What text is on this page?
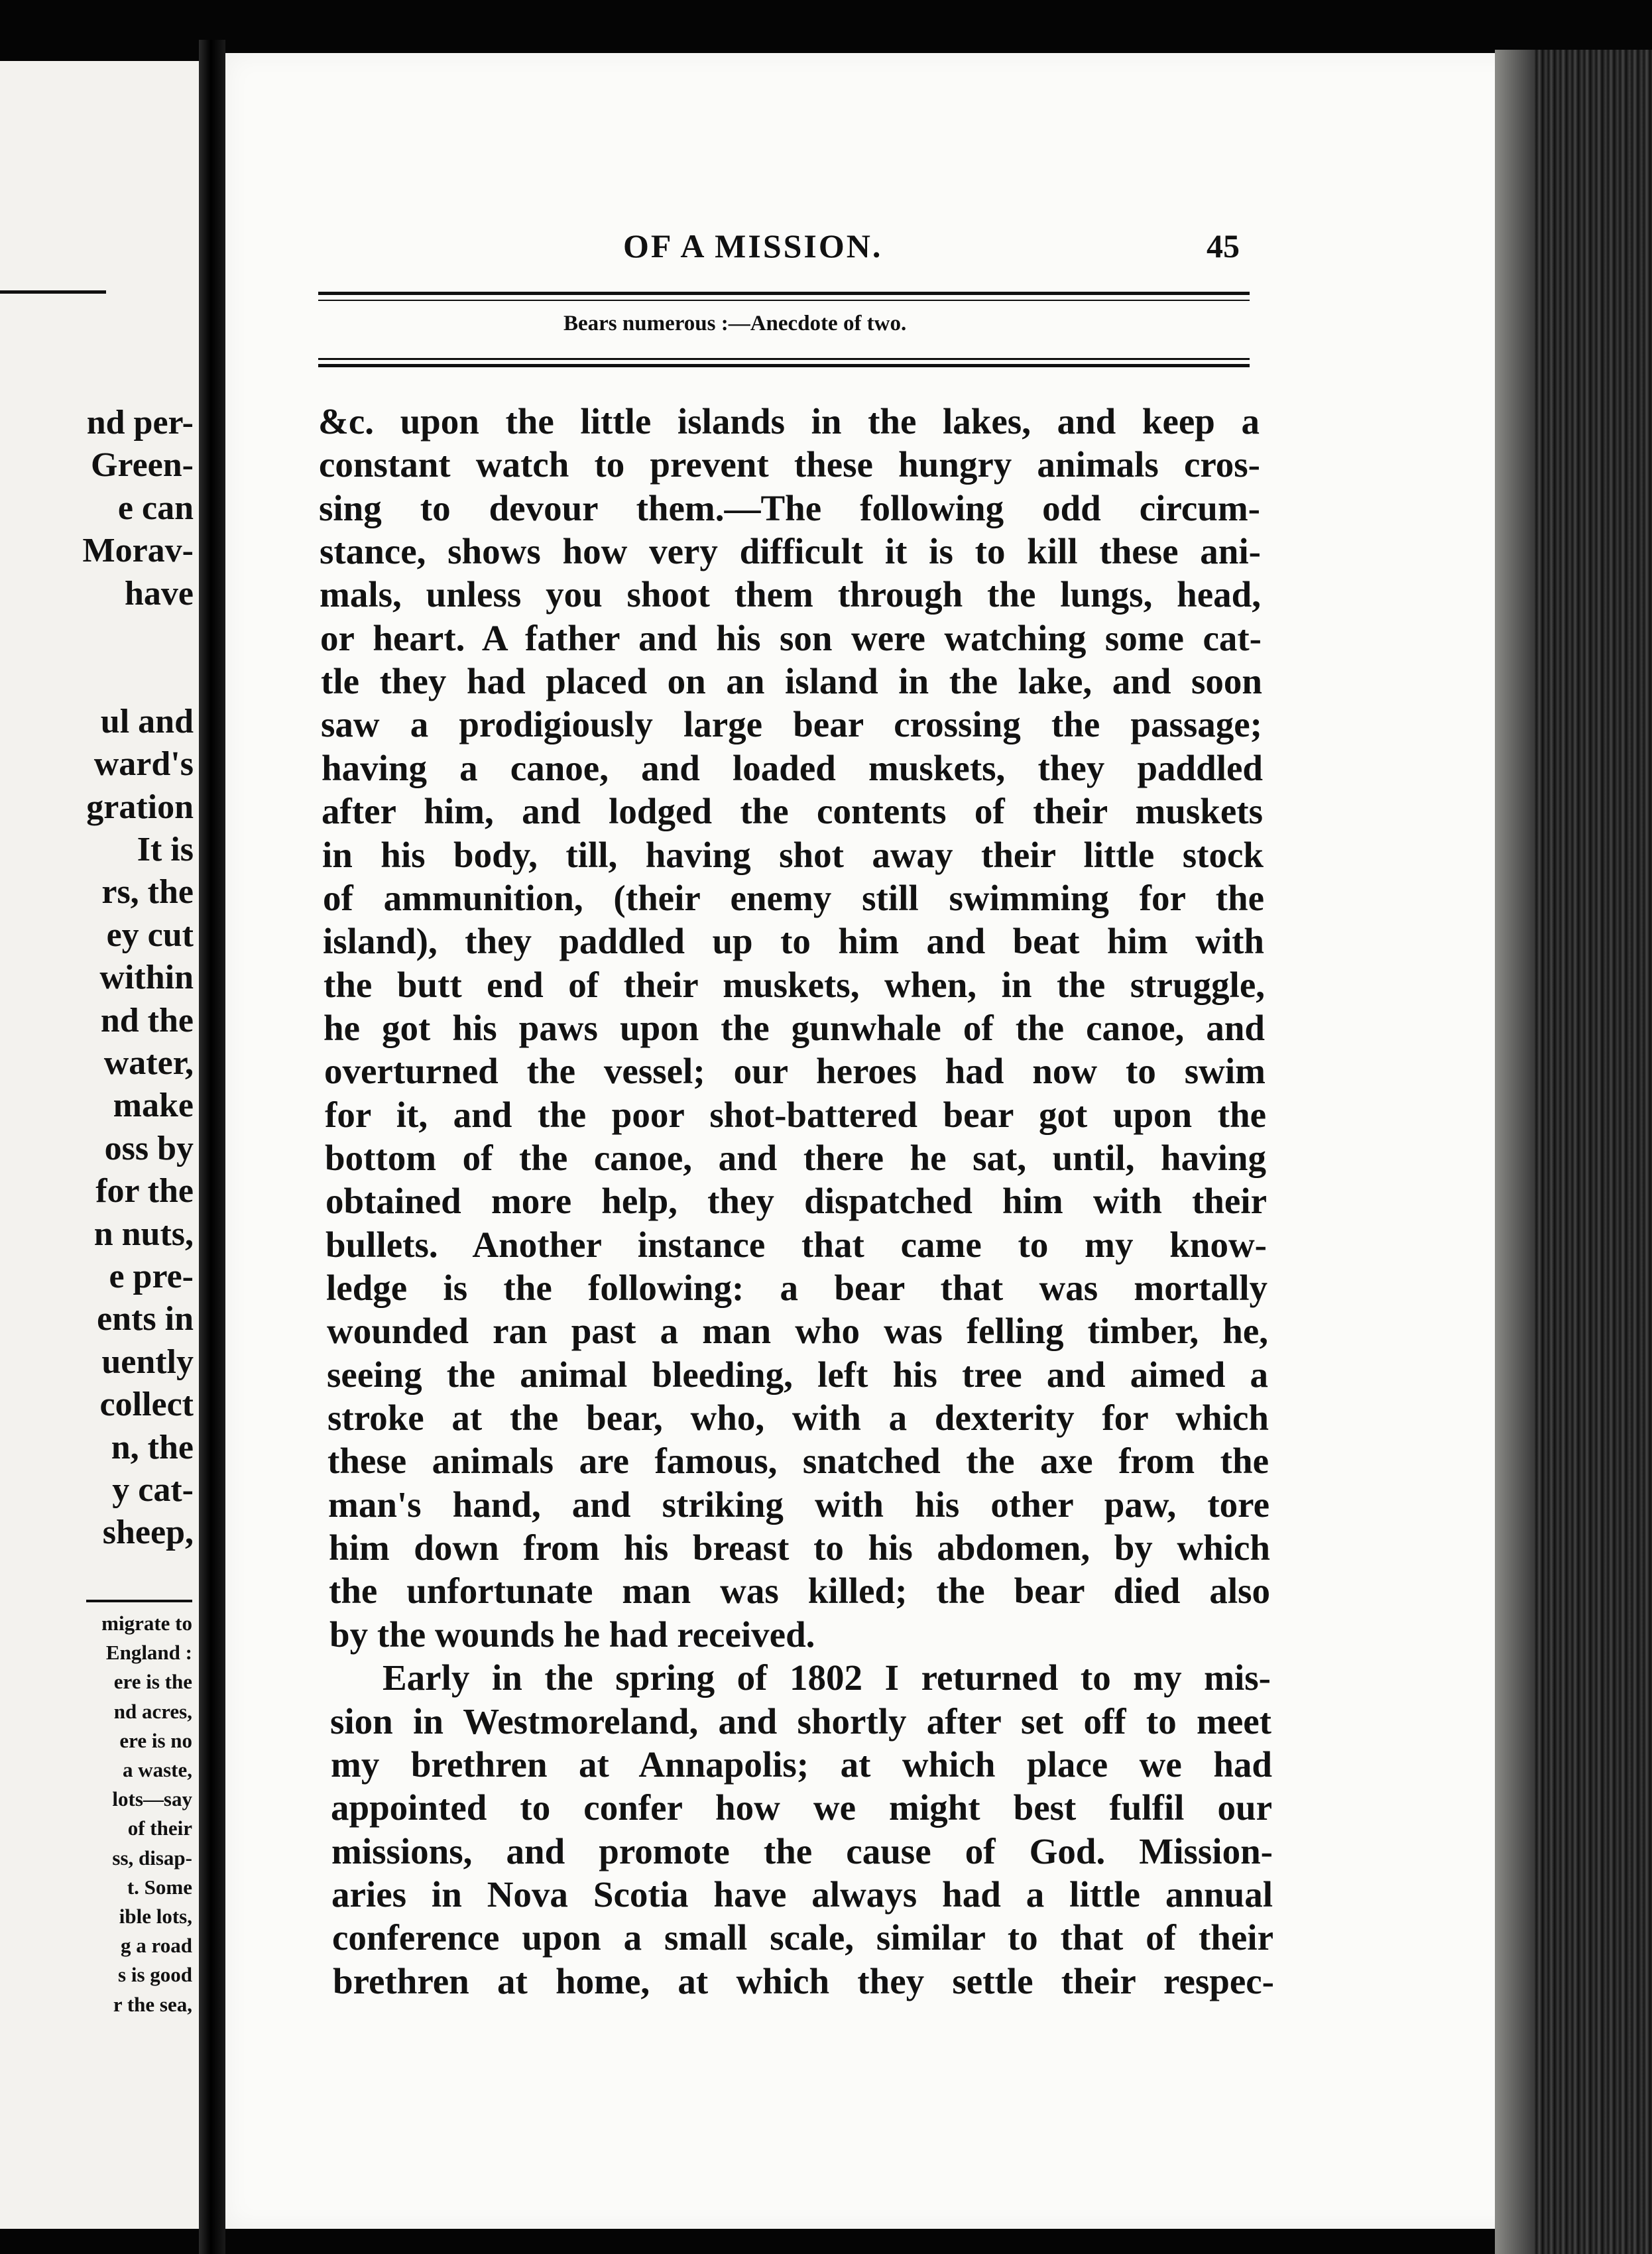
nd per-
Green-
e can
Morav-
have
ul and
ward's
gration
It is
rs, the
ey cut
within
nd the
water,
make
oss by
for the
n nuts,
e pre-
ents in
uently
collect
n, the
y cat-
sheep,
migrate to
England :
ere is the
nd acres,
ere is no
a waste,
lots—say
of their
ss, disap-
t. Some
ible lots,
g a road
s is good
r the sea,
OF A MISSION.	45
Bears numerous :—Anecdote of two.
&c. upon the little islands in the lakes, and keep a
constant watch to prevent these hungry animals cros-
sing to devour them.—The following odd circum-
stance, shows how very difficult it is to kill these ani-
mals, unless you shoot them through the lungs, head,
or heart. A father and his son were watching some cat-
tle they had placed on an island in the lake, and soon
saw a prodigiously large bear crossing the passage;
having a canoe, and loaded muskets, they paddled
after him, and lodged the contents of their muskets
in his body, till, having shot away their little stock
of ammunition, (their enemy still swimming for the
island), they paddled up to him and beat him with
the butt end of their muskets, when, in the struggle,
he got his paws upon the gunwhale of the canoe, and
overturned the vessel; our heroes had now to swim
for it, and the poor shot-battered bear got upon the
bottom of the canoe, and there he sat, until, having
obtained more help, they dispatched him with their
bullets. Another instance that came to my know-
ledge is the following: a bear that was mortally
wounded ran past a man who was felling timber, he,
seeing the animal bleeding, left his tree and aimed a
stroke at the bear, who, with a dexterity for which
these animals are famous, snatched the axe from the
man's hand, and striking with his other paw, tore
him down from his breast to his abdomen, by which
the unfortunate man was killed; the bear died also
by the wounds he had received.
Early in the spring of 1802 I returned to my mis-
sion in Westmoreland, and shortly after set off to meet
my brethren at Annapolis; at which place we had
appointed to confer how we might best fulfil our
missions, and promote the cause of God. Mission-
aries in Nova Scotia have always had a little annual
conference upon a small scale, similar to that of their
brethren at home, at which they settle their respec-
